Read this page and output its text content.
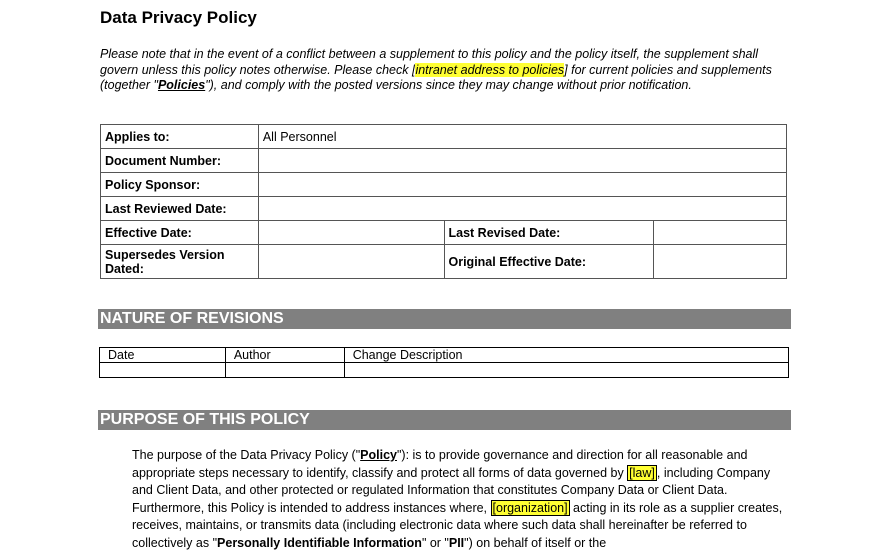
Data Privacy Policy
Please note that in the event of a conflict between a supplement to this policy and the policy itself, the supplement shall govern unless this policy notes otherwise. Please check [intranet address to policies] for current policies and supplements (together "Policies"), and comply with the posted versions since they may change without prior notification.
Applies to:	All Personnel		
Document Number:			
Policy Sponsor:			
Last Reviewed Date:			
Effective Date:		Last Revised Date:	
Supersedes Version Dated:		Original Effective Date:	
NATURE OF REVISIONS
Date	Author	Change Description

PURPOSE OF THIS POLICY
The purpose of the Data Privacy Policy ("Policy"): is to provide governance and direction for all reasonable and appropriate steps necessary to identify, classify and protect all forms of data governed by [law] , including Company and Client Data, and other protected or regulated Information that constitutes Company Data or Client Data. Furthermore, this Policy is intended to address instances where, [organization] acting in its role as a supplier creates, receives, maintains, or transmits data (including electronic data where such data shall hereinafter be referred to collectively as "Personally Identifiable Information" or "PII") on behalf of itself or the
